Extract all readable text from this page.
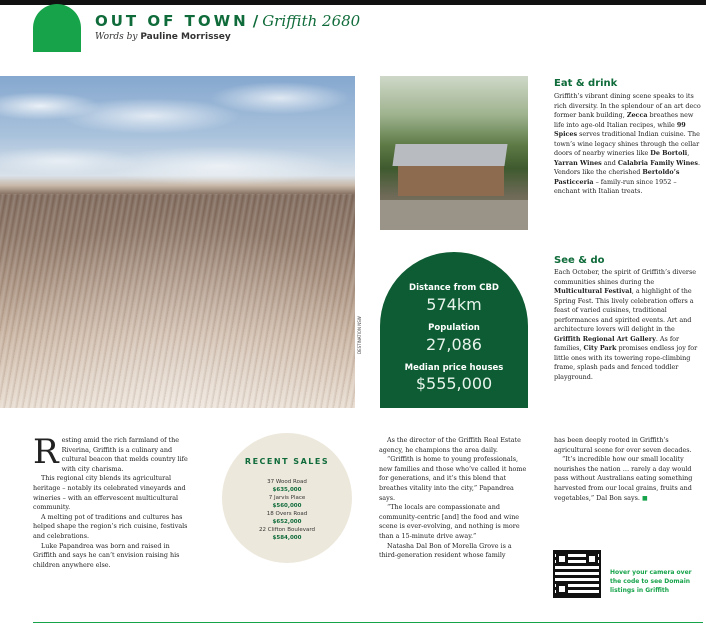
OUT OF TOWN / Griffith 2680
Words by Pauline Morrissey
DESTINATION NSW
Distance from CBD
574km
Population
27,086
Median price houses
$555,000
Eat & drink
Griffith’s vibrant dining scene speaks to its rich diversity. In the splendour of an art deco former bank building, Zecca breathes new life into age-old Italian recipes, while 99 Spices serves traditional Indian cuisine. The town’s wine legacy shines through the cellar doors of nearby wineries like De Bortoli, Yarran Wines and Calabria Family Wines. Vendors like the cherished Bertoldo’s Pasticceria – family-run since 1952 – enchant with Italian treats.
See & do
Each October, the spirit of Griffith’s diverse communities shines during the Multicultural Festival, a highlight of the Spring Fest. This lively celebration offers a feast of varied cuisines, traditional performances and spirited events. Art and architecture lovers will delight in the Griffith Regional Art Gallery. As for families, City Park promises endless joy for little ones with its towering rope-climbing frame, splash pads and fenced toddler playground.
R esting amid the rich farmland of the Riverina, Griffith is a culinary and cultural beacon that melds country life with city charisma.

This regional city blends its agricultural heritage – notably its celebrated vineyards and wineries – with an effervescent multicultural community.

A melting pot of traditions and cultures has helped shape the region’s rich cuisine, festivals and celebrations.

Luke Papandrea was born and raised in Griffith and says he can’t envision raising his children anywhere else.

RECENT SALES
37 Wood Road
$635,000
7 Jarvis Place
$560,000
18 Overs Road
$652,000
22 Clifton Boulevard
$584,000

As the director of the Griffith Real Estate agency, he champions the area daily.

“Griffith is home to young professionals, new families and those who’ve called it home for generations, and it’s this blend that breathes vitality into the city,” Papandrea says.

“The locals are compassionate and community-centric [and] the food and wine scene is ever-evolving, and nothing is more than a 15-minute drive away.”

Natasha Dal Bon of Morella Grove is a third-generation resident whose family

has been deeply rooted in Griffith’s agricultural scene for over seven decades.

“It’s incredible how our small locality nourishes the nation … rarely a day would pass without Australians eating something harvested from our local grains, fruits and vegetables,” Dal Bon says. ■

Hover your camera over the code to see Domain listings in Griffith
